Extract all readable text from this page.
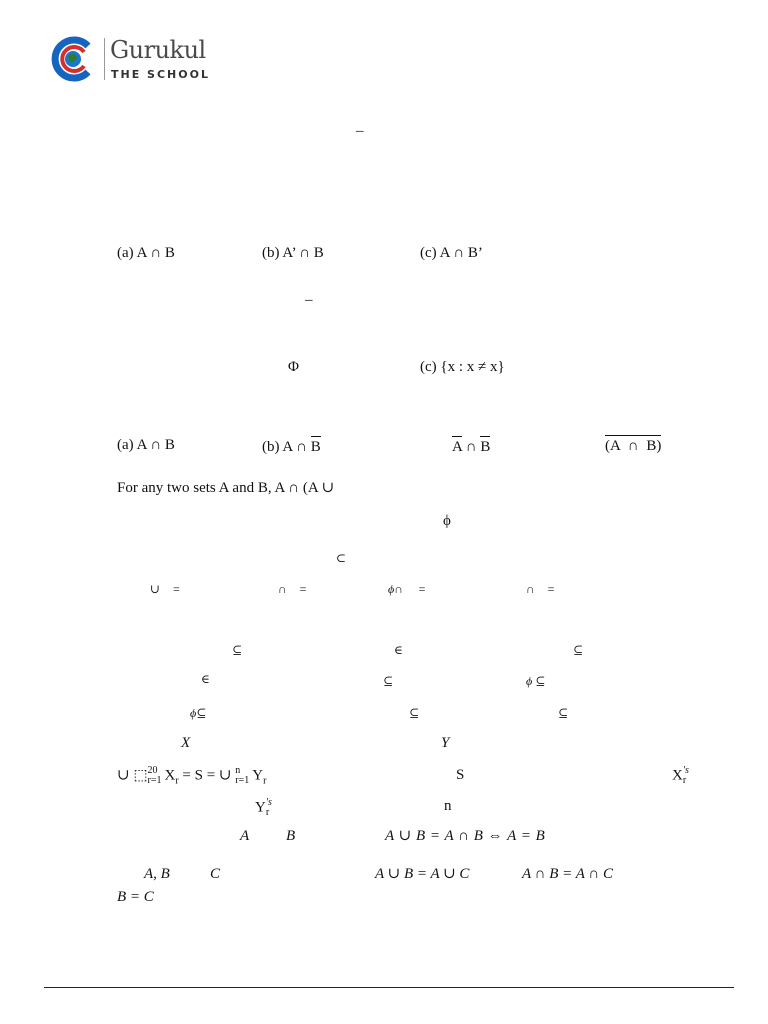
Gurukul
THE SCHOOL
–
(a) A ∩ B	(b) A’ ∩ B	(c) A ∩ B’
–
Φ	(c) {x : x ≠ x}
(a) A ∩ B	(b) A ∩ B	A ∩ B	(A ∩ B)
For any two sets A and B, A ∩ (A ∪
ϕ
⊂
∪ =	∩ =	ϕ∩ =	∩ =
⊆	∈	⊆
∈	⊆	ϕ ⊆
ϕ⊆	⊆	⊆
X	Y
∪ ⬚ 20
r=1 $X_r = S$ = ∪ n
r=1 $Y_r$	S	X ′s
r
Y ′s
r	n
A B	A ∪ B = A ∩ B ⇔ A = B
A, B	C	A ∪ B = A ∪ C	A ∩ B = A ∩ C
B = C
